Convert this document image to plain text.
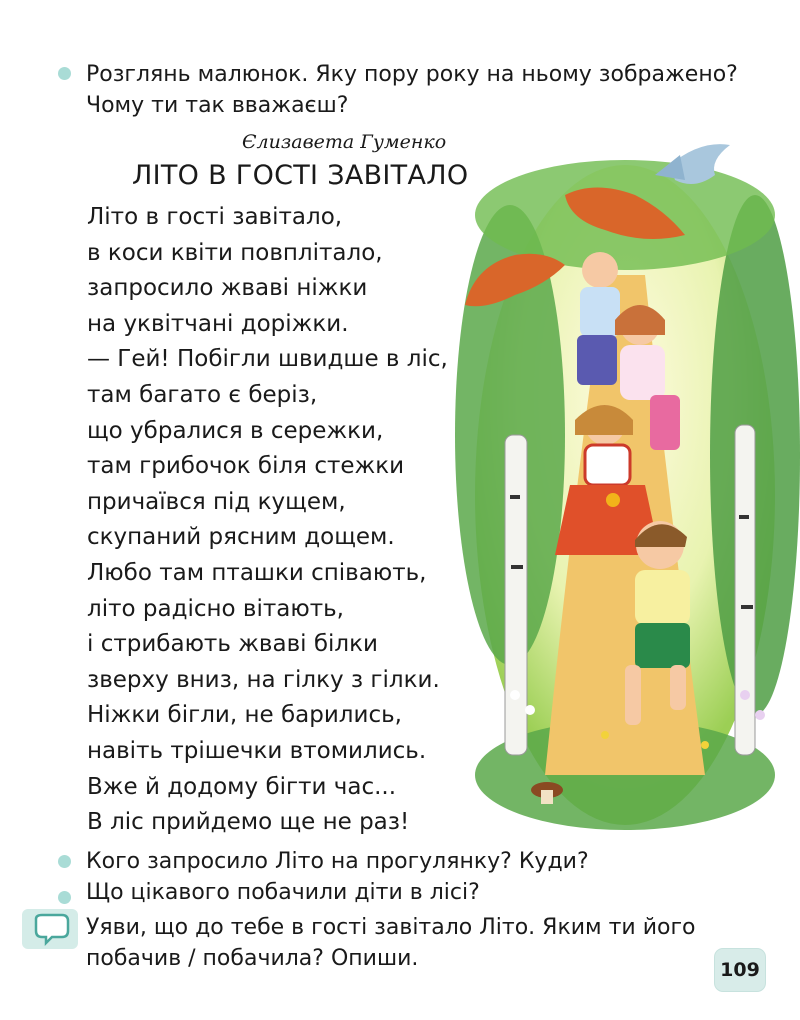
Розглянь малюнок. Яку пору року на ньому зображено?
Чому ти так вважаєш?
Єлизавета Гуменко
ЛІТО В ГОСТІ ЗАВІТАЛО
Літо в гості завітало,
в коси квіти повплітало,
запросило жваві ніжки
на уквітчані доріжки.
— Гей! Побігли швидше в ліс,
там багато є беріз,
що убралися в сережки,
там грибочок біля стежки
причаївся під кущем,
скупаний рясним дощем.
Любо там пташки співають,
літо радісно вітають,
і стрибають жваві білки
зверху вниз, на гілку з гілки.
Ніжки бігли, не барились,
навіть трішечки втомились.
Вже й додому бігти час...
В ліс прийдемо ще не раз!
Кого запросило Літо на прогулянку? Куди?
Що цікавого побачили діти в лісі?
Уяви, що до тебе в гості завітало Літо. Яким ти його
побачив / побачила? Опиши.	109
